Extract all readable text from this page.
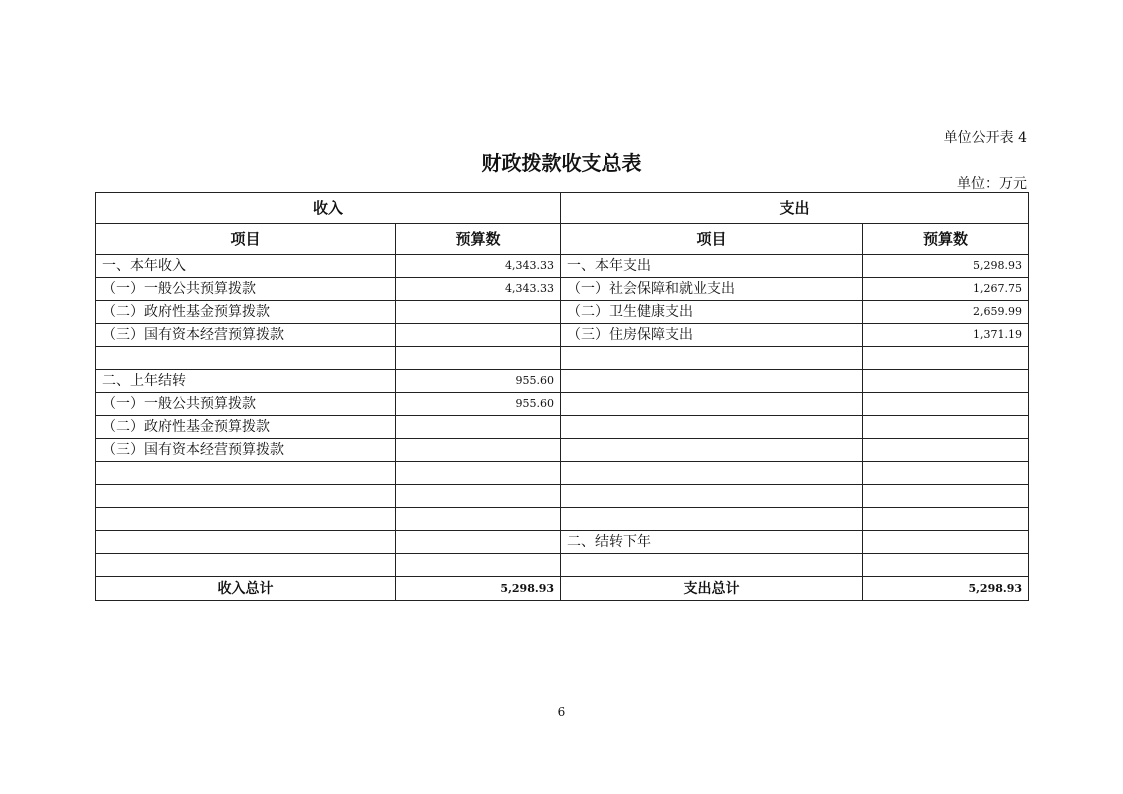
单位公开表 4
财政拨款收支总表
单位：万元
收入		支出	
项目	预算数	项目	预算数
一、本年收入	4,343.33	一、本年支出	5,298.93
（一）一般公共预算拨款	4,343.33	（一）社会保障和就业支出	1,267.75
（二）政府性基金预算拨款		（二）卫生健康支出	2,659.99
（三）国有资本经营预算拨款		（三）住房保障支出	1,371.19

二、上年结转	955.60		
（一）一般公共预算拨款	955.60		
（二）政府性基金预算拨款			
（三）国有资本经营预算拨款			

		二、结转下年	

收入总计	5,298.93	支出总计	5,298.93
6
